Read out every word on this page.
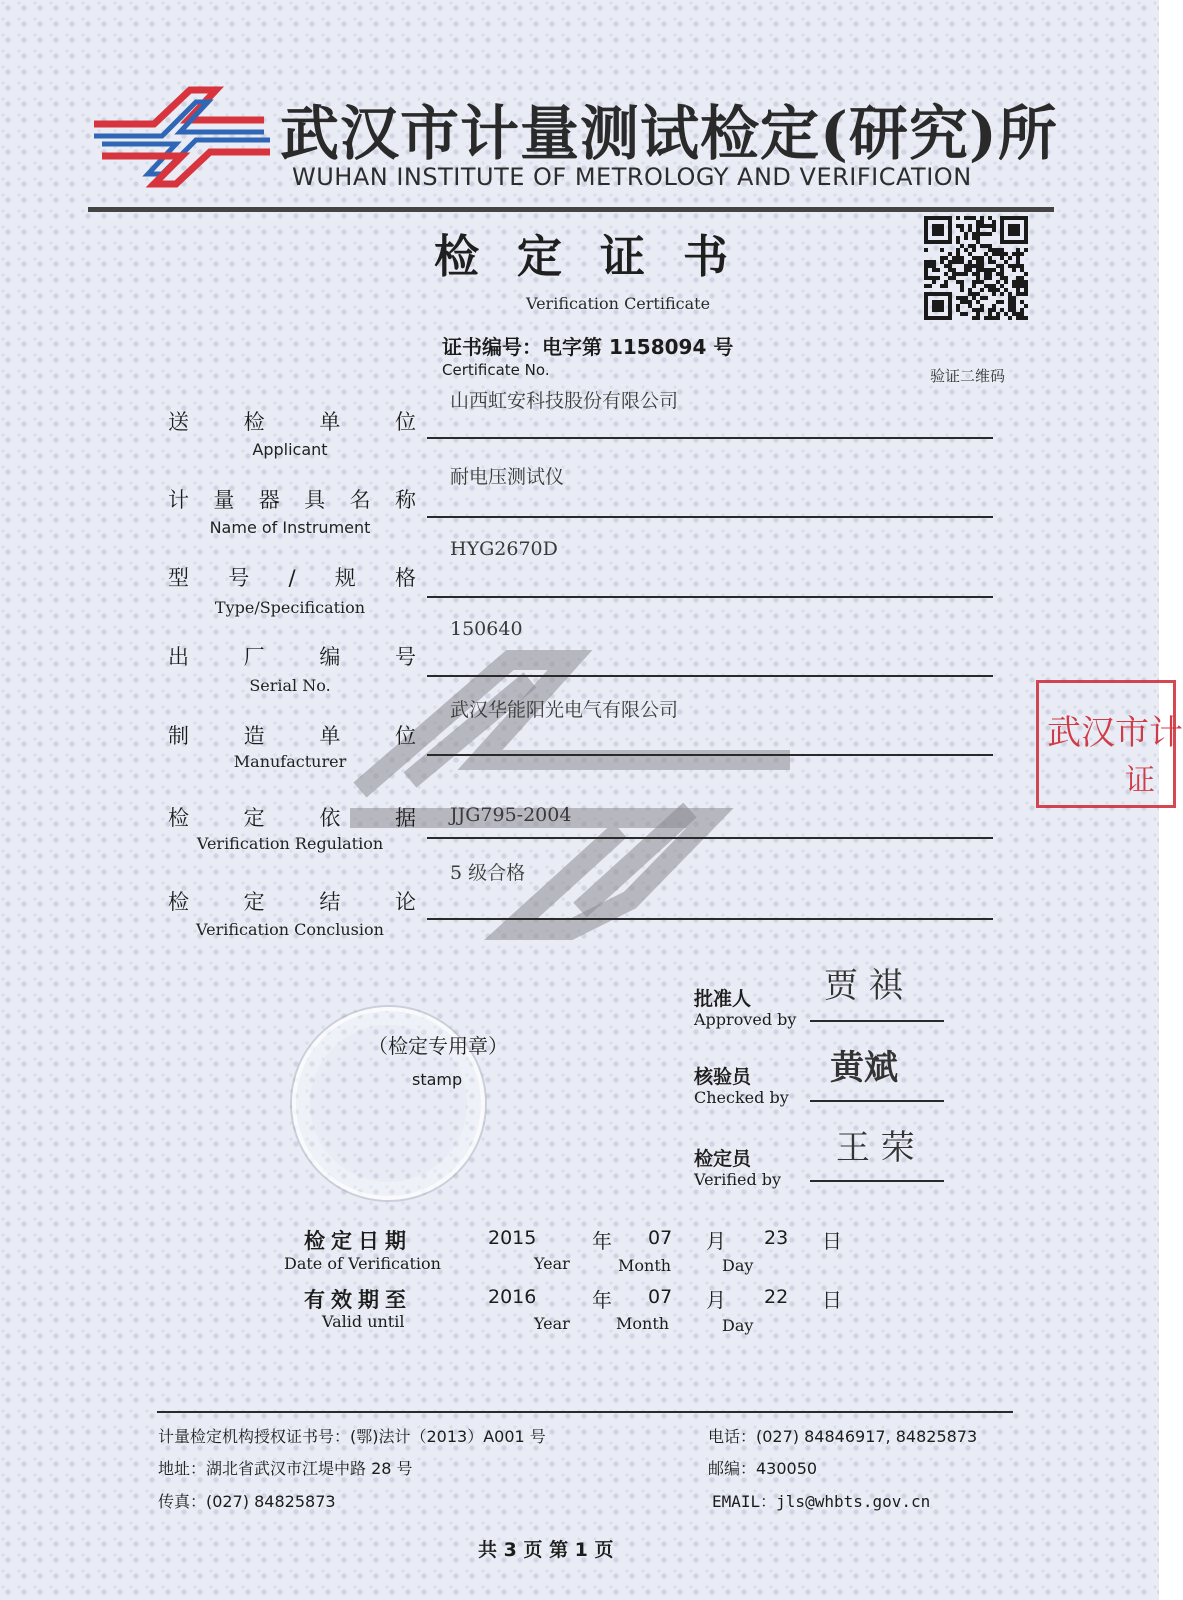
武汉市计量测试检定(研究)所
WUHAN INSTITUTE OF METROLOGY AND VERIFICATION
检定证书
Verification Certificate
证书编号：电字第 1158094 号
Certificate No.	验证二维码
送检单位
Applicant
山西虹安科技股份有限公司
计量器具名称
Name of Instrument
耐电压测试仪
型号/规格
Type/Specification
HYG2670D
出厂编号
Serial No.
150640
制造单位
Manufacturer
武汉华能阳光电气有限公司
检定依据
Verification Regulation
JJG795-2004
检定结论
Verification Conclusion
5 级合格
武汉市计
证
（检定专用章）
stamp
批准人
Approved by
贾 祺
核验员
Checked by
黄斌
检定员
Verified by
王 荣
检定日期
Date of Verification
2015	年 07 月 23 日
Year	Month	Day
有效期至
Valid until
2016	年 07 月 22 日
Year	Month	Day
计量检定机构授权证书号：(鄂)法计（2013）A001 号
地址：湖北省武汉市江堤中路 28 号
传真：(027) 84825873
电话：(027) 84846917, 84825873
邮编：430050
EMAIL：jls@whbts.gov.cn
共 3 页 第 1 页
